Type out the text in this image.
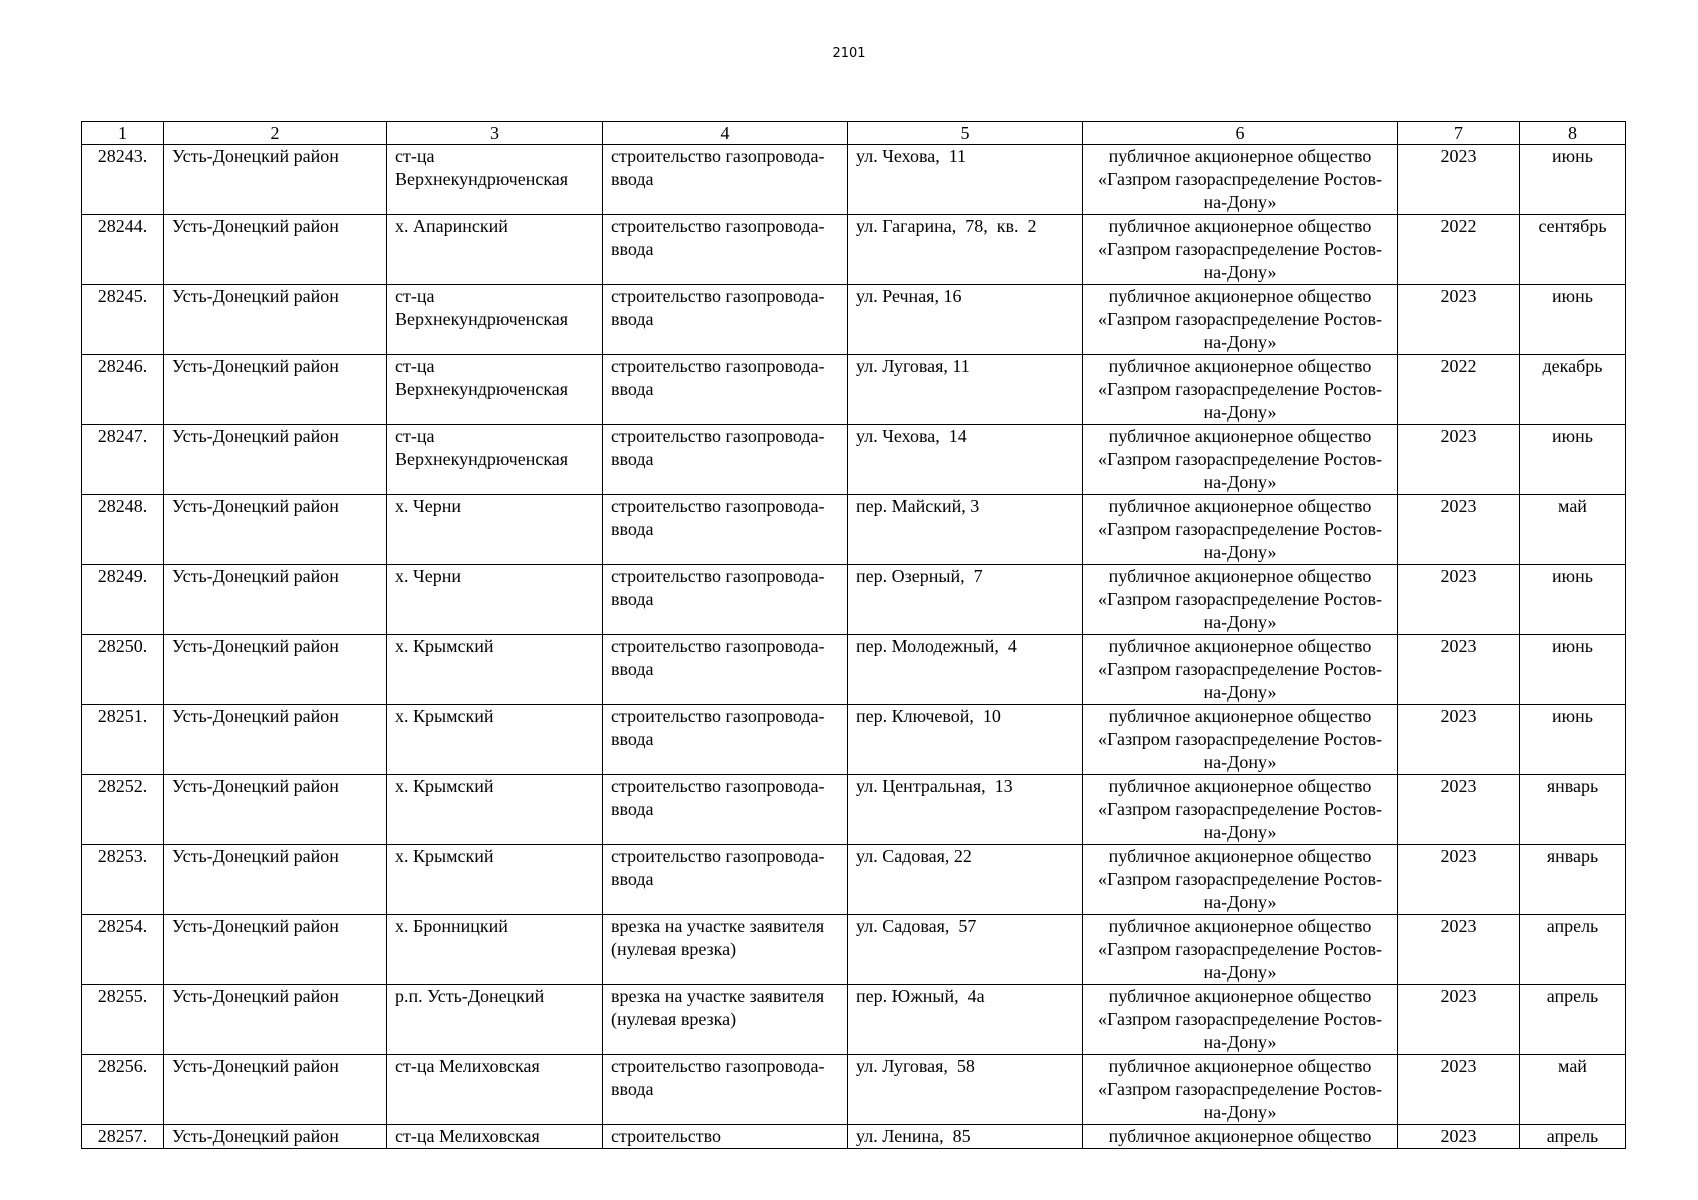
2101
1	2	3	4	5	6	7	8
28243.	Усть-Донецкий район	ст-ца Верхнекундрюченская	строительство газопровода-ввода	ул. Чехова,  11	публичное акционерное общество «Газпром газораспределение Ростов-на-Дону»	2023	июнь
28244.	Усть-Донецкий район	х. Апаринский	строительство газопровода-ввода	ул. Гагарина,  78,  кв.  2	публичное акционерное общество «Газпром газораспределение Ростов-на-Дону»	2022	сентябрь
28245.	Усть-Донецкий район	ст-ца Верхнекундрюченская	строительство газопровода-ввода	ул. Речная, 16	публичное акционерное общество «Газпром газораспределение Ростов-на-Дону»	2023	июнь
28246.	Усть-Донецкий район	ст-ца Верхнекундрюченская	строительство газопровода-ввода	ул. Луговая, 11	публичное акционерное общество «Газпром газораспределение Ростов-на-Дону»	2022	декабрь
28247.	Усть-Донецкий район	ст-ца Верхнекундрюченская	строительство газопровода-ввода	ул. Чехова,  14	публичное акционерное общество «Газпром газораспределение Ростов-на-Дону»	2023	июнь
28248.	Усть-Донецкий район	х. Черни	строительство газопровода-ввода	пер. Майский, 3	публичное акционерное общество «Газпром газораспределение Ростов-на-Дону»	2023	май
28249.	Усть-Донецкий район	х. Черни	строительство газопровода-ввода	пер. Озерный,  7	публичное акционерное общество «Газпром газораспределение Ростов-на-Дону»	2023	июнь
28250.	Усть-Донецкий район	х. Крымский	строительство газопровода-ввода	пер. Молодежный,  4	публичное акционерное общество «Газпром газораспределение Ростов-на-Дону»	2023	июнь
28251.	Усть-Донецкий район	х. Крымский	строительство газопровода-ввода	пер. Ключевой,  10	публичное акционерное общество «Газпром газораспределение Ростов-на-Дону»	2023	июнь
28252.	Усть-Донецкий район	х. Крымский	строительство газопровода-ввода	ул. Центральная,  13	публичное акционерное общество «Газпром газораспределение Ростов-на-Дону»	2023	январь
28253.	Усть-Донецкий район	х. Крымский	строительство газопровода-ввода	ул. Садовая, 22	публичное акционерное общество «Газпром газораспределение Ростов-на-Дону»	2023	январь
28254.	Усть-Донецкий район	х. Бронницкий	врезка на участке заявителя (нулевая врезка)	ул. Садовая,  57	публичное акционерное общество «Газпром газораспределение Ростов-на-Дону»	2023	апрель
28255.	Усть-Донецкий район	р.п. Усть-Донецкий	врезка на участке заявителя (нулевая врезка)	пер. Южный,  4а	публичное акционерное общество «Газпром газораспределение Ростов-на-Дону»	2023	апрель
28256.	Усть-Донецкий район	ст-ца Мелиховская	строительство газопровода-ввода	ул. Луговая,  58	публичное акционерное общество «Газпром газораспределение Ростов-на-Дону»	2023	май
28257.	Усть-Донецкий район	ст-ца Мелиховская	строительство	ул. Ленина,  85	публичное акционерное общество	2023	апрель
